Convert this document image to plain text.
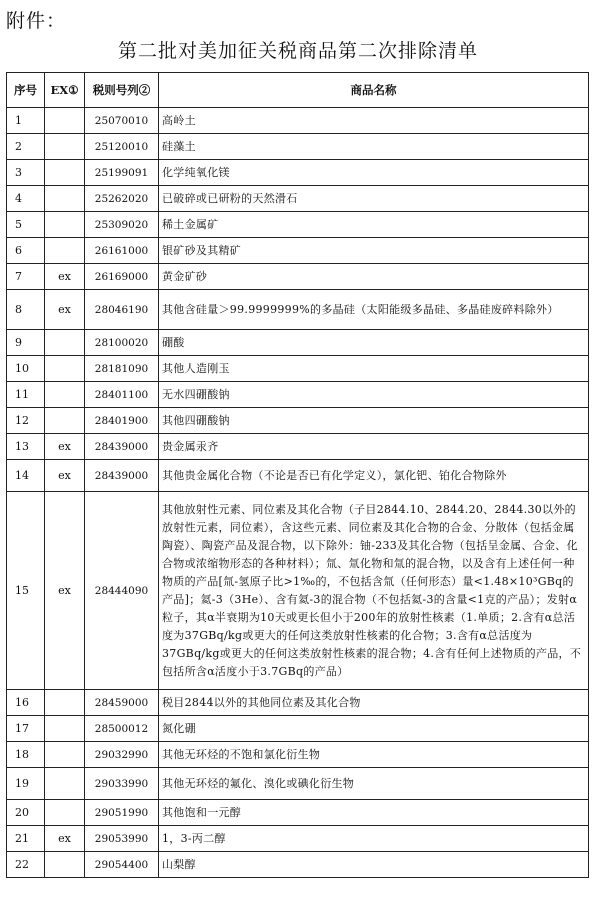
附件：
第二批对美加征关税商品第二次排除清单
序号	EX①	税则号列②	商品名称
1		25070010	高岭土
2		25120010	硅藻土
3		25199091	化学纯氧化镁
4		25262020	已破碎或已研粉的天然滑石
5		25309020	稀土金属矿
6		26161000	银矿砂及其精矿
7	ex	26169000	黄金矿砂
8	ex	28046190	其他含硅量＞99.9999999%的多晶硅（太阳能级多晶硅、多晶硅废碎料除外）
9		28100020	硼酸
10		28181090	其他人造刚玉
11		28401100	无水四硼酸钠
12		28401900	其他四硼酸钠
13	ex	28439000	贵金属汞齐
14	ex	28439000	其他贵金属化合物（不论是否已有化学定义），氯化钯、铂化合物除外
15	ex	28444090	其他放射性元素、同位素及其化合物（子目2844.10、2844.20、2844.30以外的放射性元素，同位素），含这些元素、同位素及其化合物的合金、分散体（包括金属陶瓷）、陶瓷产品及混合物，以下除外：铀-233及其化合物（包括呈金属、合金、化合物或浓缩物形态的各种材料）；氚、氚化物和氚的混合物，以及含有上述任何一种物质的产品[氚-氢原子比>1‰的，不包括含氚（任何形态）量<1.48×10³GBq的产品]；氦-3（3He）、含有氦-3的混合物（不包括氦-3的含量<1克的产品）；发射α粒子，其α半衰期为10天或更长但小于200年的放射性核素（1.单质；2.含有α总活度为37GBq/kg或更大的任何这类放射性核素的化合物；3.含有α总活度为37GBq/kg或更大的任何这类放射性核素的混合物；4.含有任何上述物质的产品，不包括所含α活度小于3.7GBq的产品）
16		28459000	税目2844以外的其他同位素及其化合物
17		28500012	氮化硼
18		29032990	其他无环烃的不饱和氯化衍生物
19		29033990	其他无环烃的氟化、溴化或碘化衍生物
20		29051990	其他饱和一元醇
21	ex	29053990	1，3-丙二醇
22		29054400	山梨醇
